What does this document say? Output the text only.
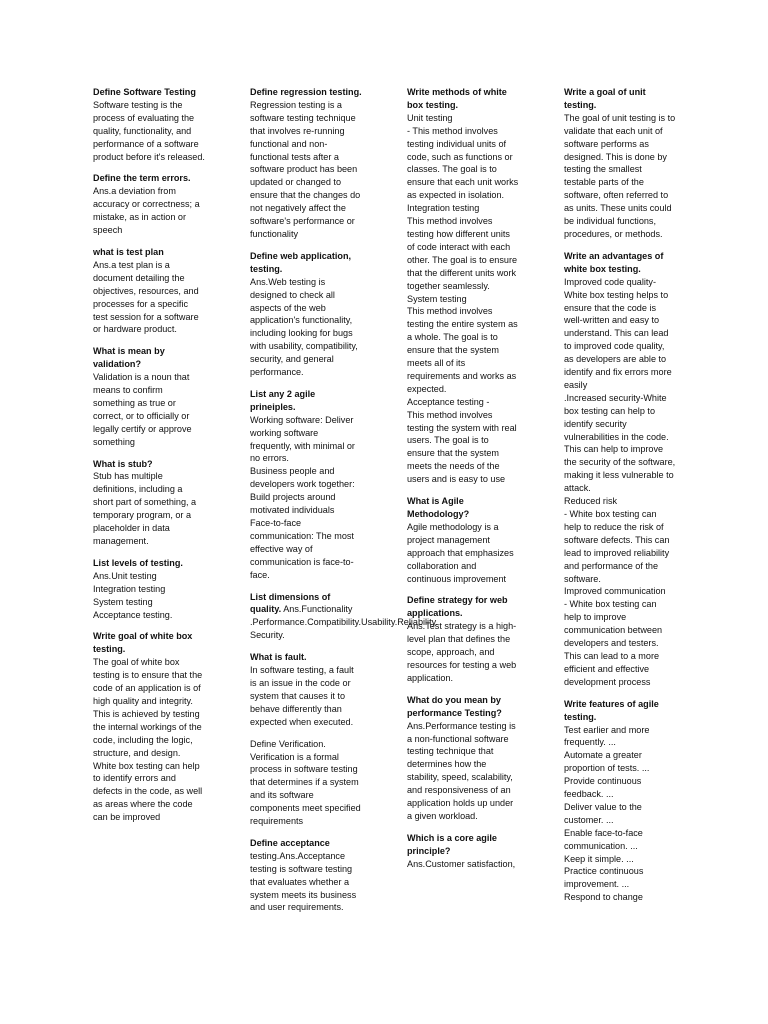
Define Software Testing
Software testing is the process of evaluating the quality, functionality, and performance of a software product before it's released.
Define the term errors.
Ans.a deviation from accuracy or correctness; a mistake, as in action or speech
what is test plan
Ans.a test plan is a document detailing the objectives, resources, and processes for a specific test session for a software or hardware product.
What is mean by validation?
Validation is a noun that means to confirm something as true or correct, or to officially or legally certify or approve something
What is stub?
Stub has multiple definitions, including a short part of something, a temporary program, or a placeholder in data management.
List levels of testing.
Ans.Unit testing
Integration testing
System testing
Acceptance testing.
Write goal of white box testing.
The goal of white box testing is to ensure that the code of an application is of high quality and integrity. This is achieved by testing the internal workings of the code, including the logic, structure, and design. White box testing can help to identify errors and defects in the code, as well as areas where the code can be improved
Define regression testing.
Regression testing is a software testing technique that involves re-running functional and non-functional tests after a software product has been updated or changed to ensure that the changes do not negatively affect the software's performance or functionality
Define web application, testing.
Ans.Web testing is designed to check all aspects of the web application's functionality, including looking for bugs with usability, compatibility, security, and general performance.
List any 2 agile prineiples.
Working software: Deliver working software frequently, with minimal or no errors.
Business people and developers work together: Build projects around motivated individuals
Face-to-face communication: The most effective way of communication is face-to-face.
List dimensions of quality. Ans.Functionality .Performance.Compatibility.Usability.Reliability. Security.
What is fault.
In software testing, a fault is an issue in the code or system that causes it to behave differently than expected when executed.
Define Verification.
Verification is a formal process in software testing that determines if a system and its software components meet specified requirements
Define acceptance
testing.Ans.Acceptance testing is software testing that evaluates whether a system meets its business and user requirements.
Write methods of white box testing.
Unit testing
- This method involves testing individual units of code, such as functions or classes. The goal is to ensure that each unit works as expected in isolation.
Integration testing
This method involves testing how different units of code interact with each other. The goal is to ensure that the different units work together seamlessly.
System testing
This method involves testing the entire system as a whole. The goal is to ensure that the system meets all of its requirements and works as expected.
Acceptance testing -
This method involves testing the system with real users. The goal is to ensure that the system meets the needs of the users and is easy to use
What is Agile Methodology?
Agile methodology is a project management approach that emphasizes collaboration and continuous improvement
Define strategy for web applications.
Ans.Test strategy is a high-level plan that defines the scope, approach, and resources for testing a web application.
What do you mean by performance Testing?
Ans.Performance testing is a non-functional software testing technique that determines how the stability, speed, scalability, and responsiveness of an application holds up under a given workload.
Which is a core agile principle?
Ans.Customer satisfaction,
Write a goal of unit testing.
The goal of unit testing is to validate that each unit of software performs as designed. This is done by testing the smallest testable parts of the software, often referred to as units. These units could be individual functions, procedures, or methods.
Write an advantages of white box testing.
Improved code quality-White box testing helps to ensure that the code is well-written and easy to understand. This can lead to improved code quality, as developers are able to identify and fix errors more easily
.Increased security-White box testing can help to identify security vulnerabilities in the code. This can help to improve the security of the software, making it less vulnerable to attack.
Reduced risk
- White box testing can help to reduce the risk of software defects. This can lead to improved reliability and performance of the software.
Improved communication
- White box testing can help to improve communication between developers and testers. This can lead to a more efficient and effective development process
Write features of agile testing.
Test earlier and more frequently. ...
Automate a greater proportion of tests. ...
Provide continuous feedback. ...
Deliver value to the customer. ...
Enable face-to-face communication. ...
Keep it simple. ...
Practice continuous improvement. ...
Respond to change
